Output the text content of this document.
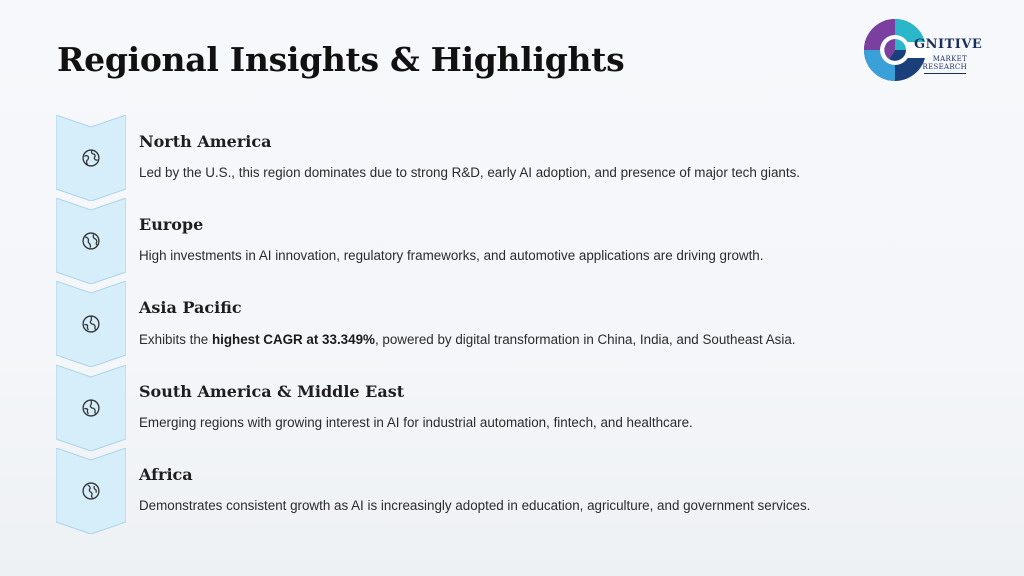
Regional Insights & Highlights	GNITIVE
MARKET
RESEARCH
North America
Led by the U.S., this region dominates due to strong R&D, early AI adoption, and presence of major tech giants.
Europe
High investments in AI innovation, regulatory frameworks, and automotive applications are driving growth.
Asia Pacific
Exhibits the highest CAGR at 33.349%, powered by digital transformation in China, India, and Southeast Asia.
South America & Middle East
Emerging regions with growing interest in AI for industrial automation, fintech, and healthcare.
Africa
Demonstrates consistent growth as AI is increasingly adopted in education, agriculture, and government services.
